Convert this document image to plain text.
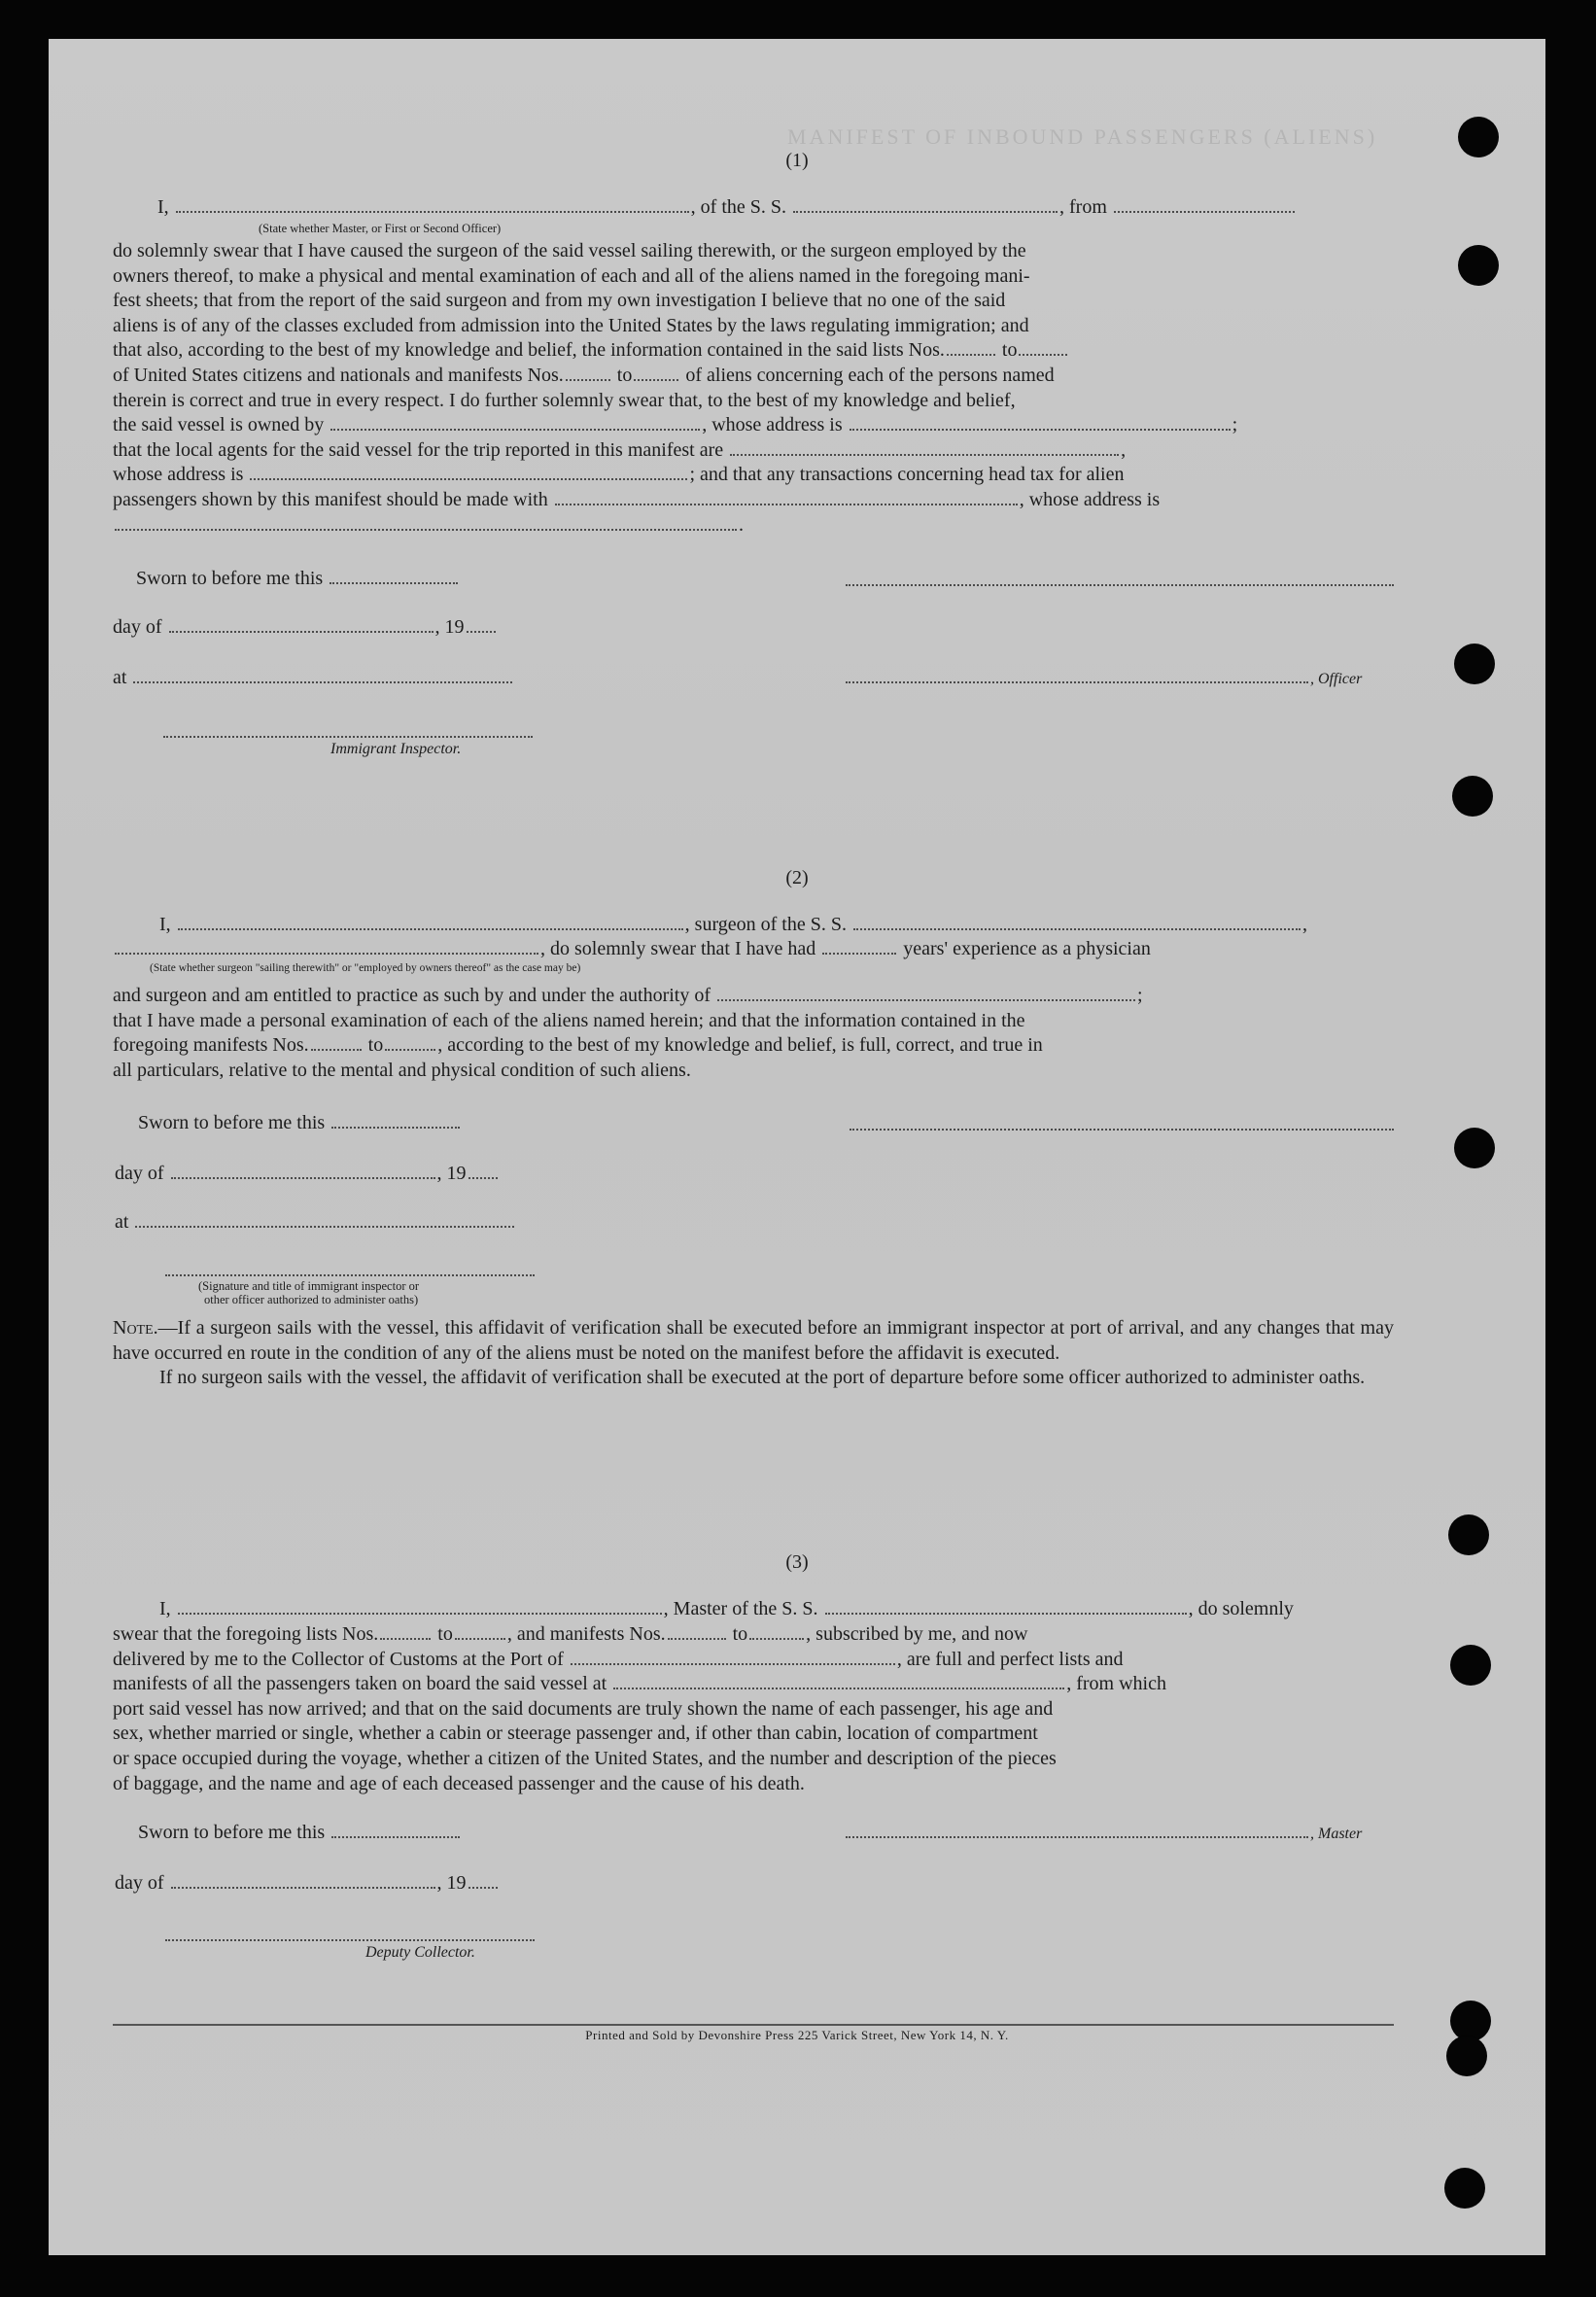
MANIFEST OF INBOUND PASSENGERS (ALIENS)
(1)
I,	, of the S. S.	, from
(State whether Master, or First or Second Officer)
do solemnly swear that I have caused the surgeon of the said vessel sailing therewith, or the surgeon employed by the
owners thereof, to make a physical and mental examination of each and all of the aliens named in the foregoing mani-
fest sheets; that from the report of the said surgeon and from my own investigation I believe that no one of the said
aliens is of any of the classes excluded from admission into the United States by the laws regulating immigration; and
that also, according to the best of my knowledge and belief, the information contained in the said lists Nos.	to
of United States citizens and nationals and manifests Nos.	to	of aliens concerning each of the persons named
therein is correct and true in every respect. I do further solemnly swear that, to the best of my knowledge and belief,
the said vessel is owned by	, whose address is	;
that the local agents for the said vessel for the trip reported in this manifest are	,
whose address is	; and that any transactions concerning head tax for alien
passengers shown by this manifest should be made with	, whose address is
.
Sworn to before me this
day of	, 19
at	, Officer
Immigrant Inspector.
(2)
I,	, surgeon of the S. S.	,
, do solemnly swear that I have had	years' experience as a physician
(State whether surgeon "sailing therewith" or "employed by owners thereof" as the case may be)
and surgeon and am entitled to practice as such by and under the authority of	;
that I have made a personal examination of each of the aliens named herein; and that the information contained in the
foregoing manifests Nos.	to	, according to the best of my knowledge and belief, is full, correct, and true in
all particulars, relative to the mental and physical condition of such aliens.
Sworn to before me this
day of	, 19
at
(Signature and title of immigrant inspector or
other officer authorized to administer oaths)
Note.—If a surgeon sails with the vessel, this affidavit of verification shall be executed before an immigrant inspector at port of arrival, and any changes that may have occurred en route in the condition of any of the aliens must be noted on the manifest before the affidavit is executed.
If no surgeon sails with the vessel, the affidavit of verification shall be executed at the port of departure before some officer authorized to administer oaths.
(3)
I,	, Master of the S. S.	, do solemnly
swear that the foregoing lists Nos.	to	, and manifests Nos.	to	, subscribed by me, and now
delivered by me to the Collector of Customs at the Port of	, are full and perfect lists and
manifests of all the passengers taken on board the said vessel at	, from which
port said vessel has now arrived; and that on the said documents are truly shown the name of each passenger, his age and
sex, whether married or single, whether a cabin or steerage passenger and, if other than cabin, location of compartment
or space occupied during the voyage, whether a citizen of the United States, and the number and description of the pieces
of baggage, and the name and age of each deceased passenger and the cause of his death.
Sworn to before me this	, Master
day of	, 19
Deputy Collector.
Printed and Sold by Devonshire Press 225 Varick Street, New York 14, N. Y.
